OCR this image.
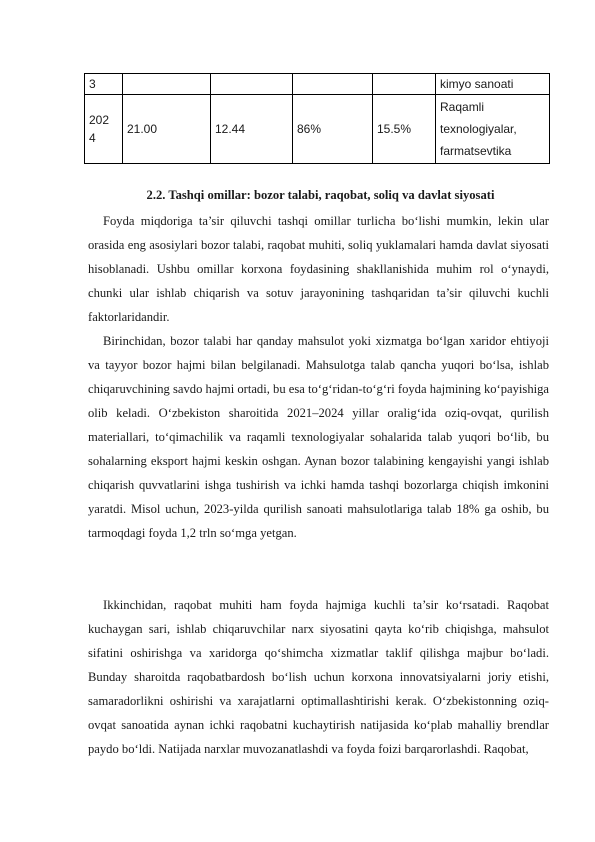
3					kimyo sanoati
202 4	21.00	12.44	86%	15.5%	Raqamli texnologiyalar, farmatsevtika
2.2. Tashqi omillar: bozor talabi, raqobat, soliq va davlat siyosati

Foyda miqdoriga ta’sir qiluvchi tashqi omillar turlicha bo‘lishi mumkin, lekin ular orasida eng asosiylari bozor talabi, raqobat muhiti, soliq yuklamalari hamda davlat siyosati hisoblanadi. Ushbu omillar korxona foydasining shakllanishida muhim rol o‘ynaydi, chunki ular ishlab chiqarish va sotuv jarayonining tashqaridan ta’sir qiluvchi kuchli faktorlaridandir.

Birinchidan, bozor talabi har qanday mahsulot yoki xizmatga bo‘lgan xaridor ehtiyoji va tayyor bozor hajmi bilan belgilanadi. Mahsulotga talab qancha yuqori bo‘lsa, ishlab chiqaruvchining savdo hajmi ortadi, bu esa to‘g‘ridan-to‘g‘ri foyda hajmining ko‘payishiga olib keladi. O‘zbekiston sharoitida 2021–2024 yillar oralig‘ida oziq-ovqat, qurilish materiallari, to‘qimachilik va raqamli texnologiyalar sohalarida talab yuqori bo‘lib, bu sohalarning eksport hajmi keskin oshgan. Aynan bozor talabining kengayishi yangi ishlab chiqarish quvvatlarini ishga tushirish va ichki hamda tashqi bozorlarga chiqish imkonini yaratdi. Misol uchun, 2023-yilda qurilish sanoati mahsulotlariga talab 18% ga oshib, bu tarmoqdagi foyda 1,2 trln so‘mga yetgan.

Ikkinchidan, raqobat muhiti ham foyda hajmiga kuchli ta’sir ko‘rsatadi. Raqobat kuchaygan sari, ishlab chiqaruvchilar narx siyosatini qayta ko‘rib chiqishga, mahsulot sifatini oshirishga va xaridorga qo‘shimcha xizmatlar taklif qilishga majbur bo‘ladi. Bunday sharoitda raqobatbardosh bo‘lish uchun korxona innovatsiyalarni joriy etishi, samaradorlikni oshirishi va xarajatlarni optimallashtirishi kerak. O‘zbekistonning oziq-ovqat sanoatida aynan ichki raqobatni kuchaytirish natijasida ko‘plab mahalliy brendlar paydo bo‘ldi. Natijada narxlar muvozanatlashdi va foyda foizi barqarorlashdi. Raqobat,
